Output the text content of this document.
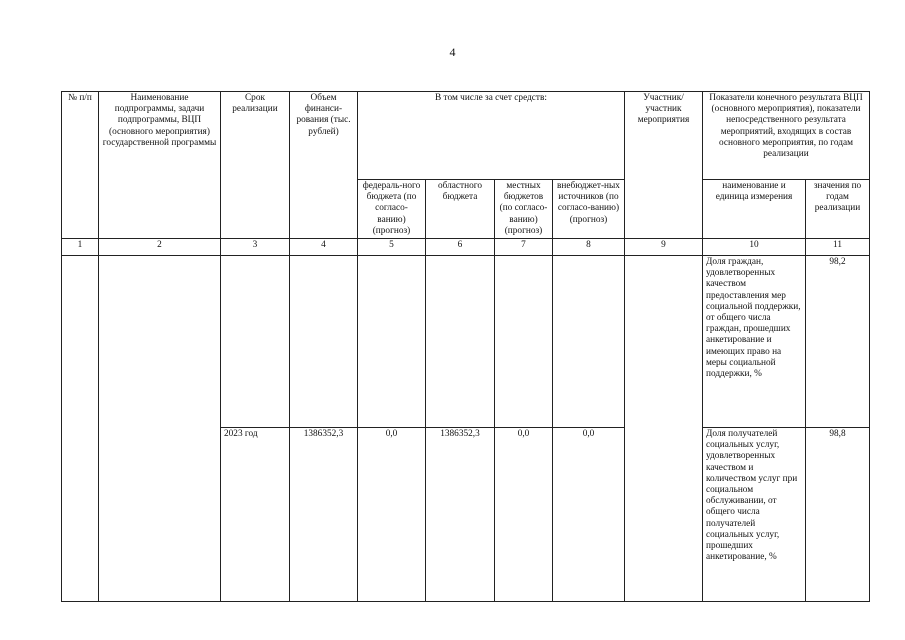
4
№ п/п	Наименование подпрограммы, задачи подпрограммы, ВЦП (основного мероприятия) государственной программы	Срок реализации	Объем финанси-рования (тыс. рублей)	В том числе за счет средств:				Участник/ участник мероприятия	Показатели конечного результата ВЦП (основного мероприятия), показатели непосредственного результата мероприятий, входящих в состав основного мероприятия, по годам реализации	
				федераль-ного бюджета (по согласо-ванию) (прогноз)	областного бюджета	местных бюджетов (по согласо-ванию) (прогноз)	внебюджет-ных источников (по согласо-ванию) (прогноз)		наименование и единица измерения	значения по годам реализации
1	2	3	4	5	6	7	8	9	10	11
									Доля граждан, удовлетворенных качеством предоставления мер социальной поддержки, от общего числа граждан, прошедших анкетирование и имеющих право на меры социальной поддержки, %	98,2
		2023 год	1386352,3	0,0	1386352,3	0,0	0,0		Доля получателей социальных услуг, удовлетворенных качеством и количеством услуг при социальном обслуживании, от общего числа получателей социальных услуг, прошедших анкетирование, %	98,8
